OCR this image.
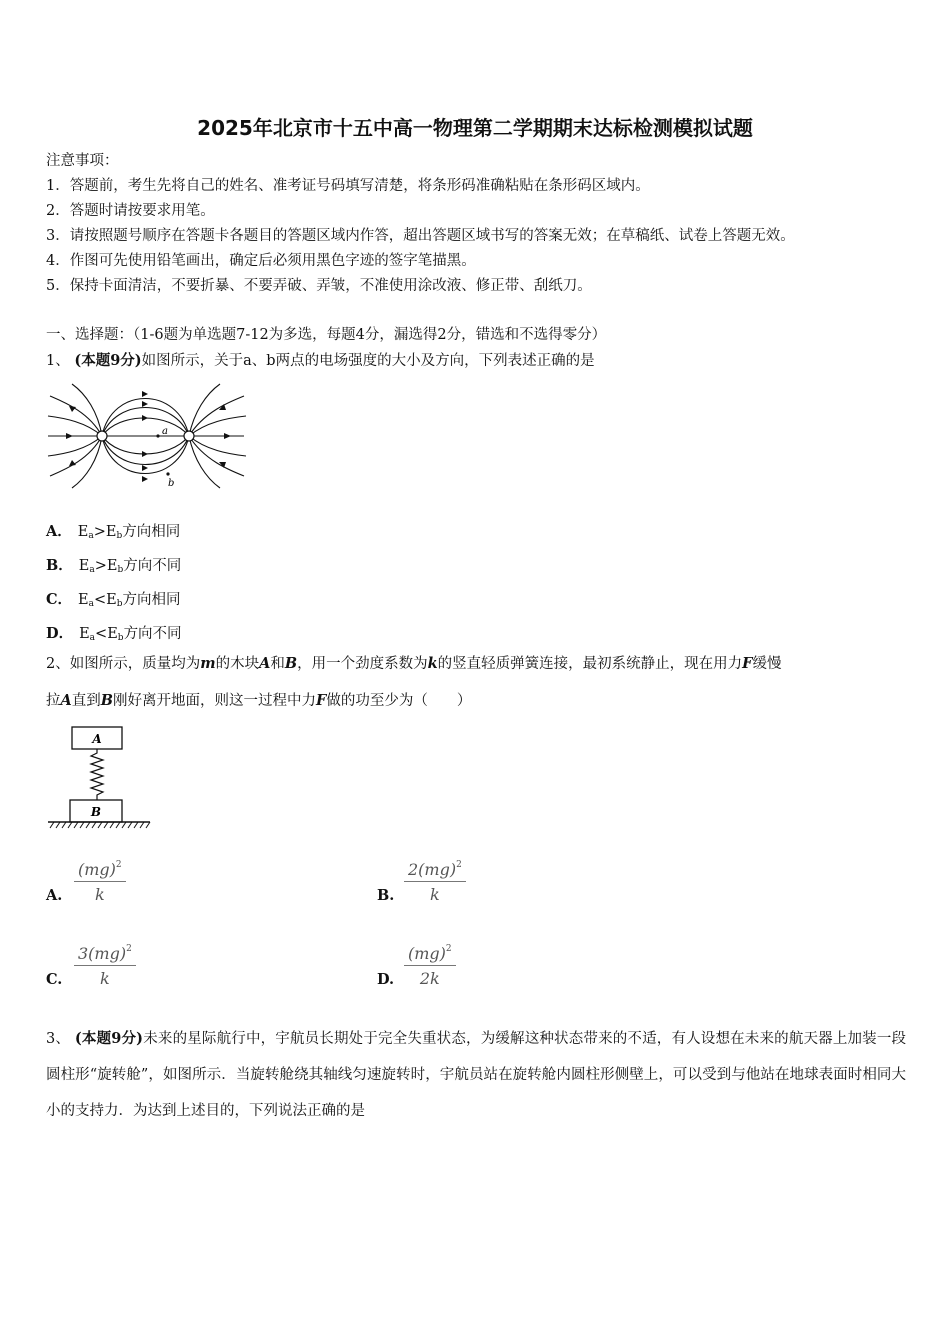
2025年北京市十五中高一物理第二学期期末达标检测模拟试题
注意事项：
1．答题前，考生先将自己的姓名、准考证号码填写清楚，将条形码准确粘贴在条形码区域内。
2．答题时请按要求用笔。
3．请按照题号顺序在答题卡各题目的答题区域内作答，超出答题区域书写的答案无效；在草稿纸、试卷上答题无效。
4．作图可先使用铅笔画出，确定后必须用黑色字迹的签字笔描黑。
5．保持卡面清洁，不要折暴、不要弄破、弄皱，不准使用涂改液、修正带、刮纸刀。
一、选择题：（1-6题为单选题7-12为多选，每题4分，漏选得2分，错选和不选得零分）
1、 (本题9分)如图所示，关于a、b两点的电场强度的大小及方向，下列表述正确的是
a
b
A． $E_a>E_b$方向相同
B． $E_a>E_b$方向不同
C． $E_a<E_b$方向相同
D． $E_a<E_b$方向不同
2、如图所示，质量均为m的木块A和B，用一个劲度系数为k的竖直轻质弹簧连接，最初系统静止，现在用力F缓慢
拉A直到B刚好离开地面，则这一过程中力F做的功至少为（　　）
A
B
A. $\frac{(mg)^2}{k}$	B. $\frac{2(mg)^2}{k}$
C. $\frac{3(mg)^2}{k}$	D. $\frac{(mg)^2}{2k}$
3、 (本题9分)未来的星际航行中，宇航员长期处于完全失重状态，为缓解这种状态带来的不适，有人设想在未来的航天器上加装一段圆柱形“旋转舱”，如图所示．当旋转舱绕其轴线匀速旋转时，宇航员站在旋转舱内圆柱形侧壁上，可以受到与他站在地球表面时相同大小的支持力．为达到上述目的，下列说法正确的是
